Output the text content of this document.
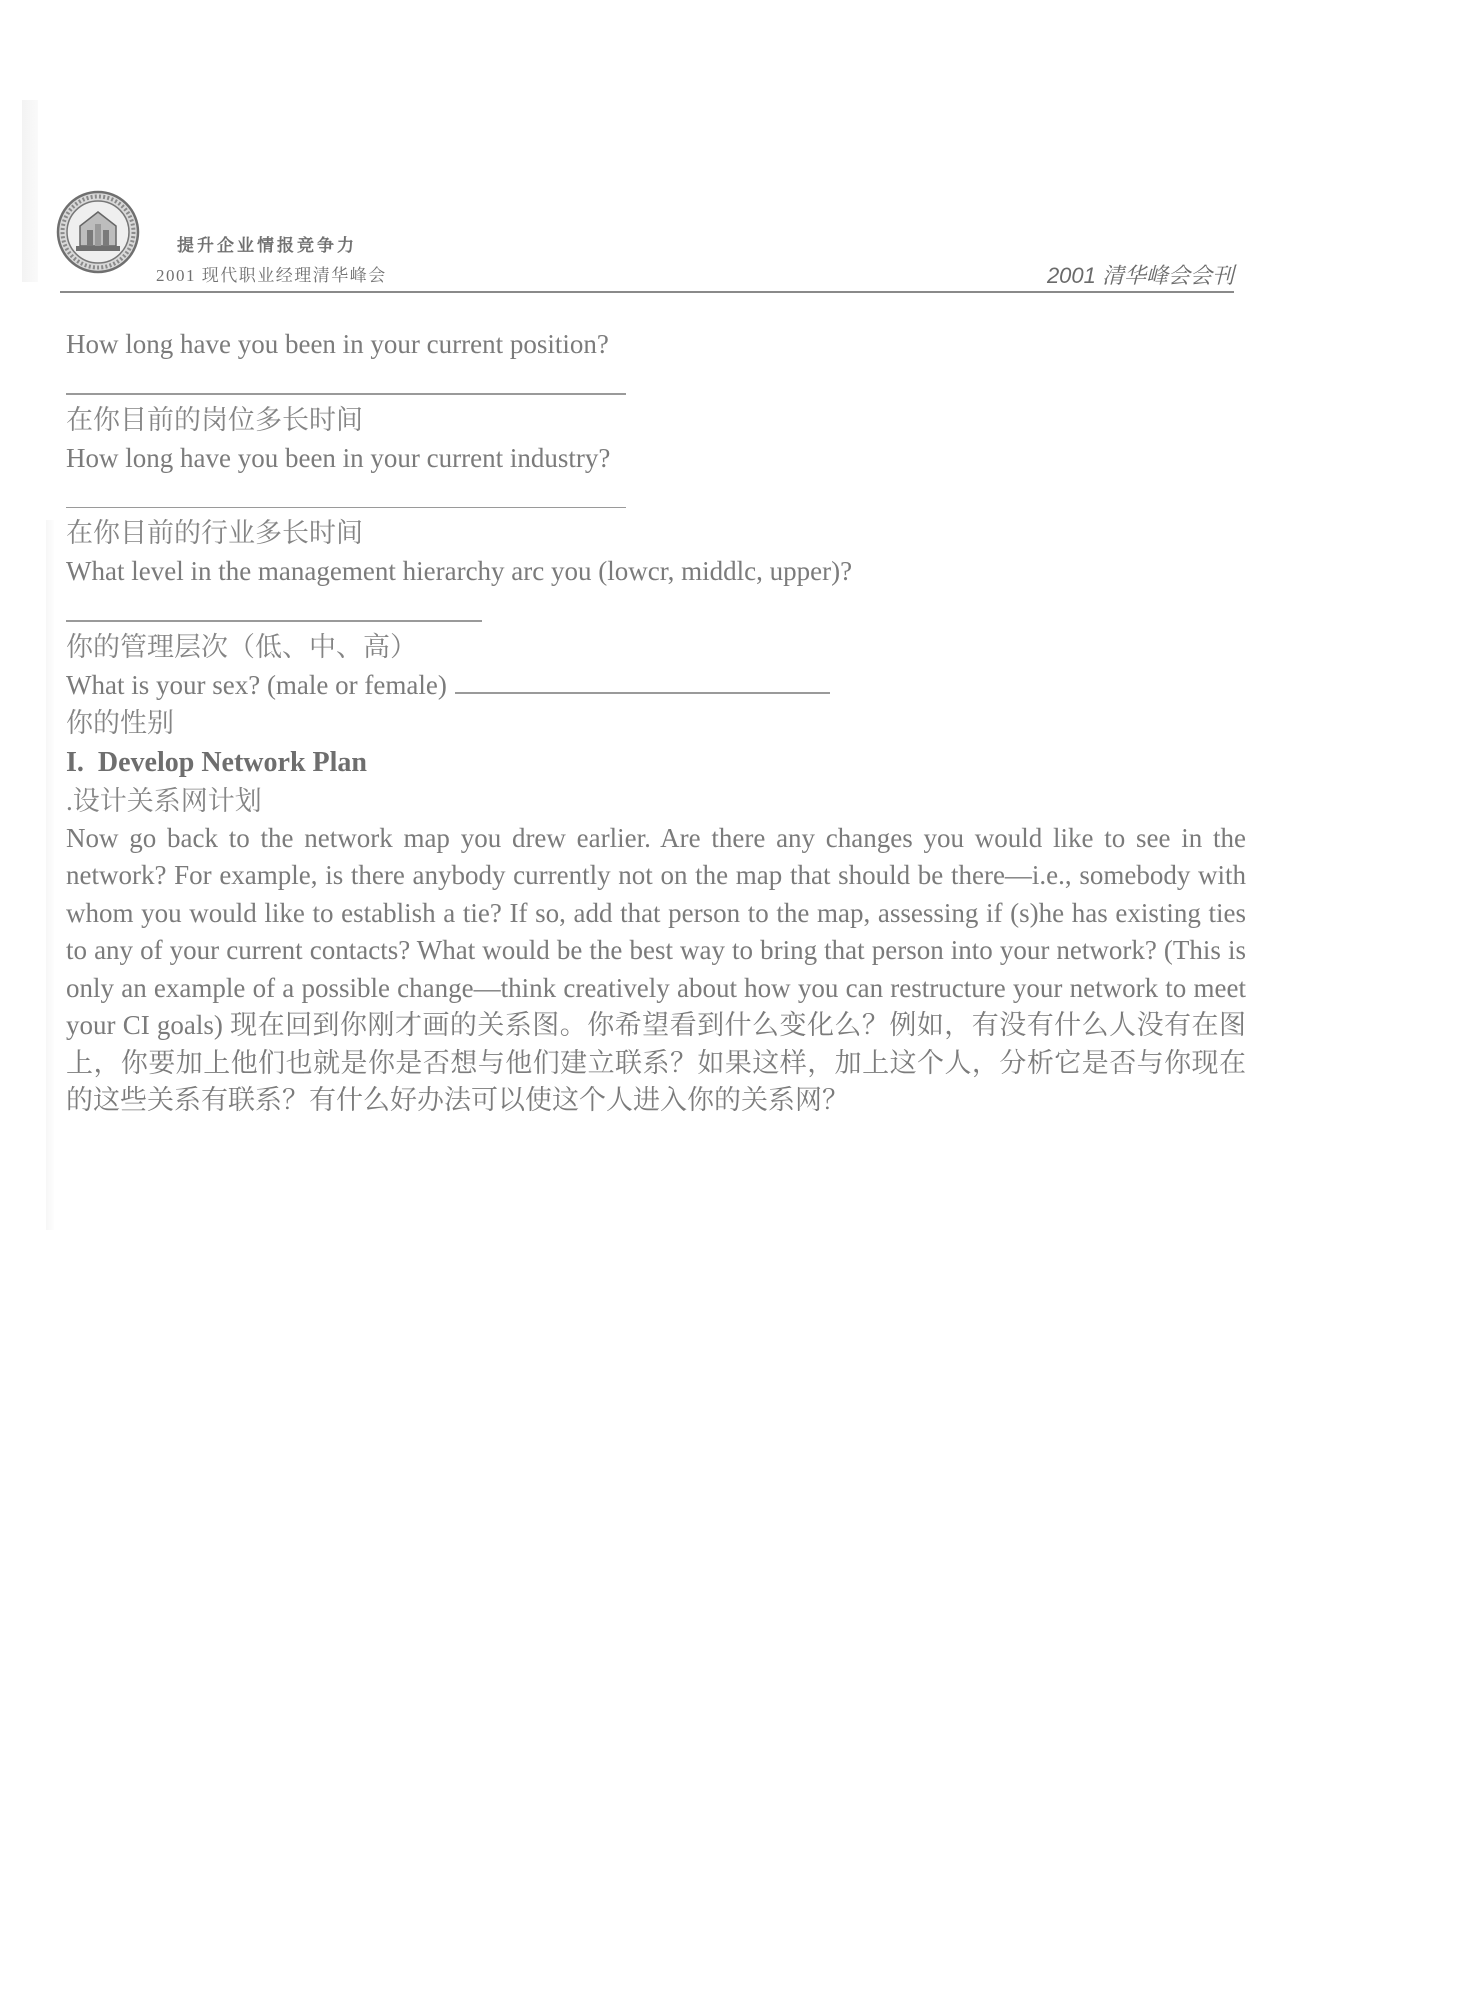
提升企业情报竞争力
2001 现代职业经理清华峰会	2001 清华峰会会刊
How long have you been in your current position?
在你目前的岗位多长时间
How long have you been in your current industry?
在你目前的行业多长时间
What level in the management hierarchy arc you (lowcr, middlc, upper)?
你的管理层次（低、中、高）
What is your sex? (male or female)
你的性别
I.  Develop Network Plan
.设计关系网计划
Now go back to the network map you drew earlier. Are there any changes you would like to see in the network? For example, is there anybody currently not on the map that should be there—i.e., somebody with whom you would like to establish a tie? If so, add that person to the map, assessing if (s)he has existing ties to any of your current contacts? What would be the best way to bring that person into your network? (This is only an example of a possible change—think creatively about how you can restructure your network to meet your CI goals) 现在回到你刚才画的关系图。你希望看到什么变化么？例如，有没有什么人没有在图上，你要加上他们也就是你是否想与他们建立联系？如果这样，加上这个人，分析它是否与你现在的这些关系有联系？有什么好办法可以使这个人进入你的关系网？
